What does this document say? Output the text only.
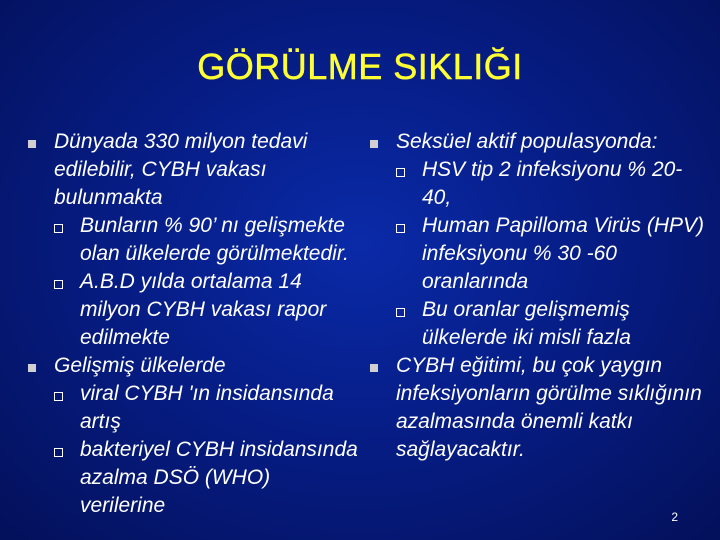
GÖRÜLME SIKLIĞI
Dünyada 330 milyon tedavi edilebilir, CYBH vakası bulunmakta
Bunların % 90’ nı gelişmekte olan ülkelerde görülmektedir.
A.B.D yılda ortalama 14 milyon CYBH vakası rapor edilmekte
Gelişmiş ülkelerde
viral CYBH 'ın insidansında artış
bakteriyel CYBH insidansında azalma DSÖ (WHO) verilerine
Seksüel aktif populasyonda:
HSV tip 2 infeksiyonu % 20-40,
Human Papilloma Virüs (HPV) infeksiyonu % 30 -60 oranlarında
Bu oranlar gelişmemiş ülkelerde iki misli fazla
CYBH eğitimi, bu çok yaygın infeksiyonların görülme sıklığının azalmasında önemli katkı sağlayacaktır.
2
